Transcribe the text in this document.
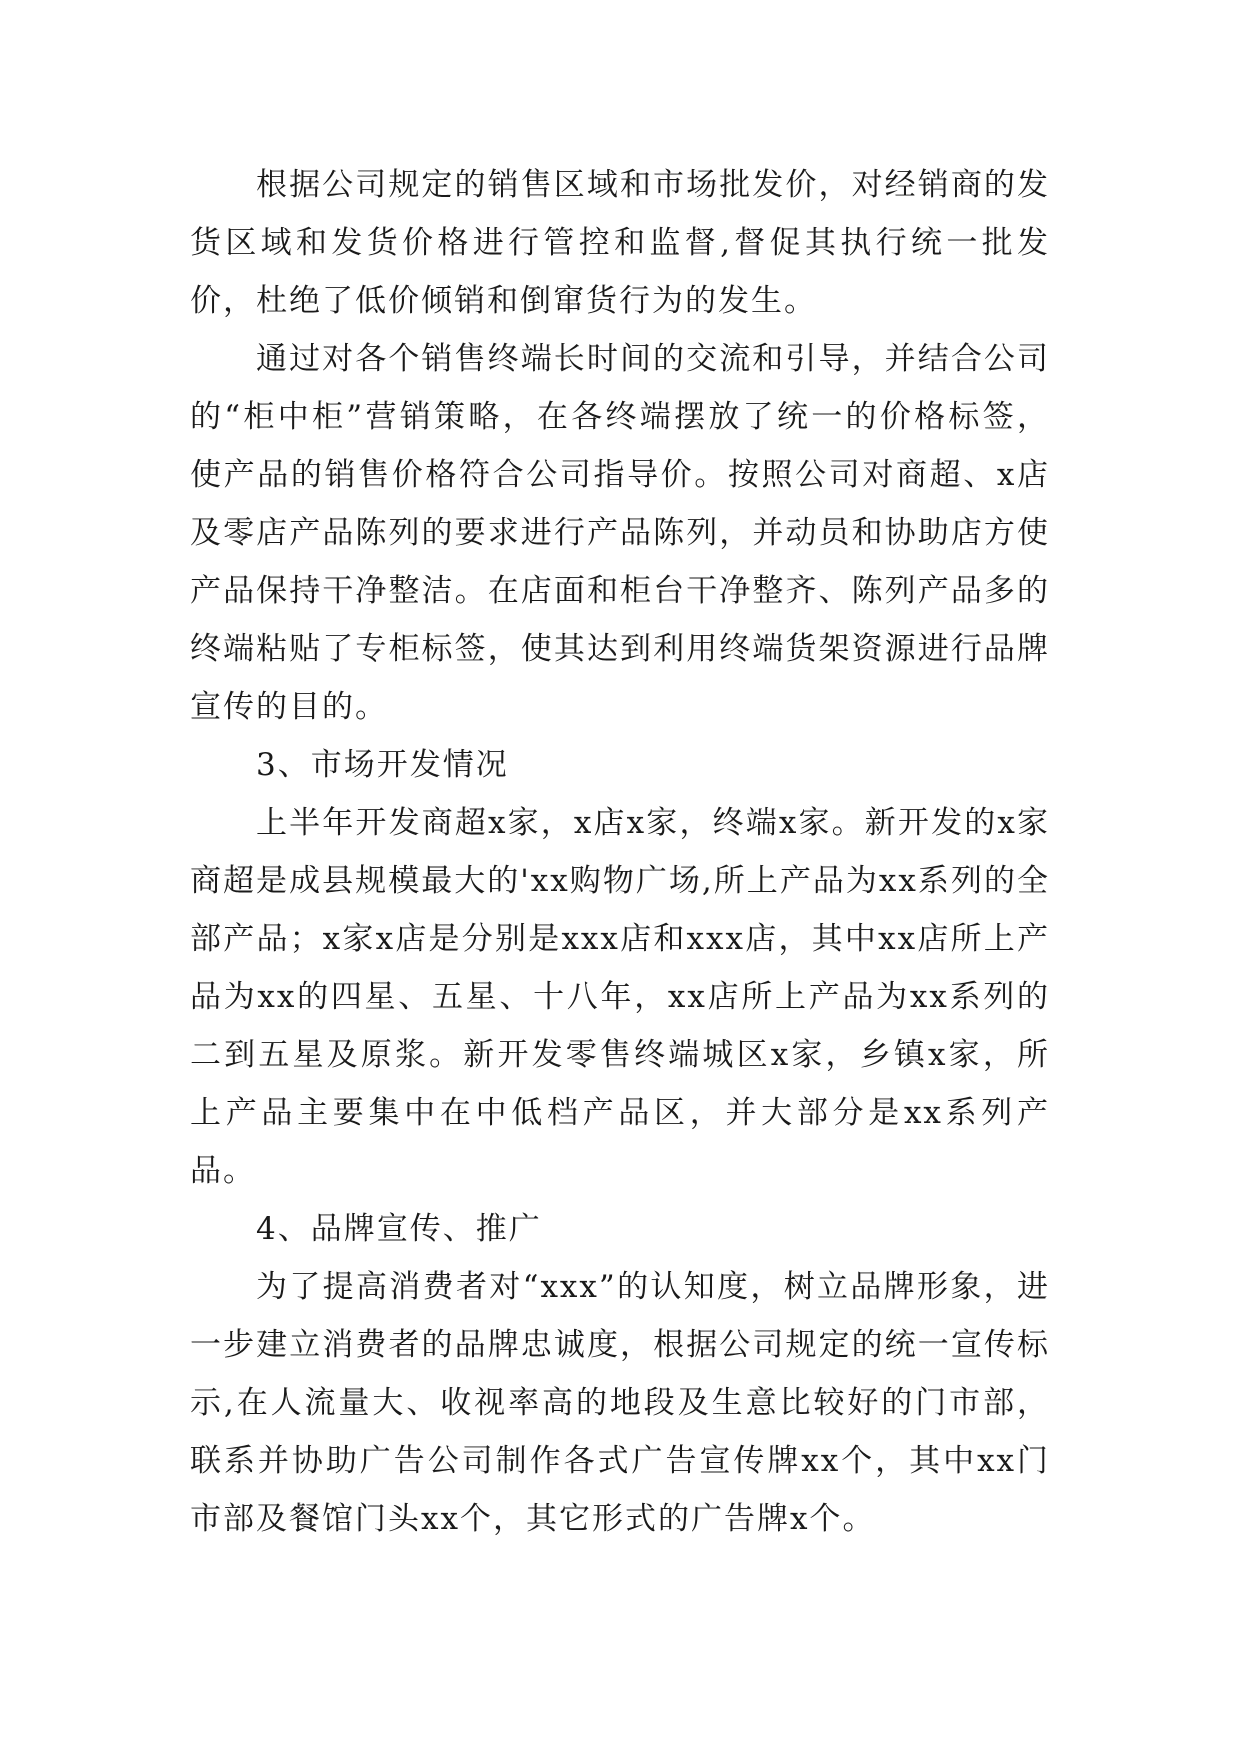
根据公司规定的销售区域和市场批发价，对经销商的发货区域和发货价格进行管控和监督,督促其执行统一批发价，杜绝了低价倾销和倒窜货行为的发生。

通过对各个销售终端长时间的交流和引导，并结合公司的“柜中柜”营销策略，在各终端摆放了统一的价格标签，使产品的销售价格符合公司指导价。按照公司对商超、x店及零店产品陈列的要求进行产品陈列，并动员和协助店方使产品保持干净整洁。在店面和柜台干净整齐、陈列产品多的终端粘贴了专柜标签，使其达到利用终端货架资源进行品牌宣传的目的。

3、市场开发情况

上半年开发商超x家，x店x家，终端x家。新开发的x家商超是成县规模最大的'xx购物广场,所上产品为xx系列的全部产品；x家x店是分别是xxx店和xxx店，其中xx店所上产品为xx的四星、五星、十八年，xx店所上产品为xx系列的二到五星及原浆。新开发零售终端城区x家，乡镇x家，所上产品主要集中在中低档产品区，并大部分是xx系列产品。

4、品牌宣传、推广

为了提高消费者对“xxx”的认知度，树立品牌形象，进一步建立消费者的品牌忠诚度，根据公司规定的统一宣传标示,在人流量大、收视率高的地段及生意比较好的门市部，联系并协助广告公司制作各式广告宣传牌xx个，其中xx门市部及餐馆门头xx个，其它形式的广告牌x个。
